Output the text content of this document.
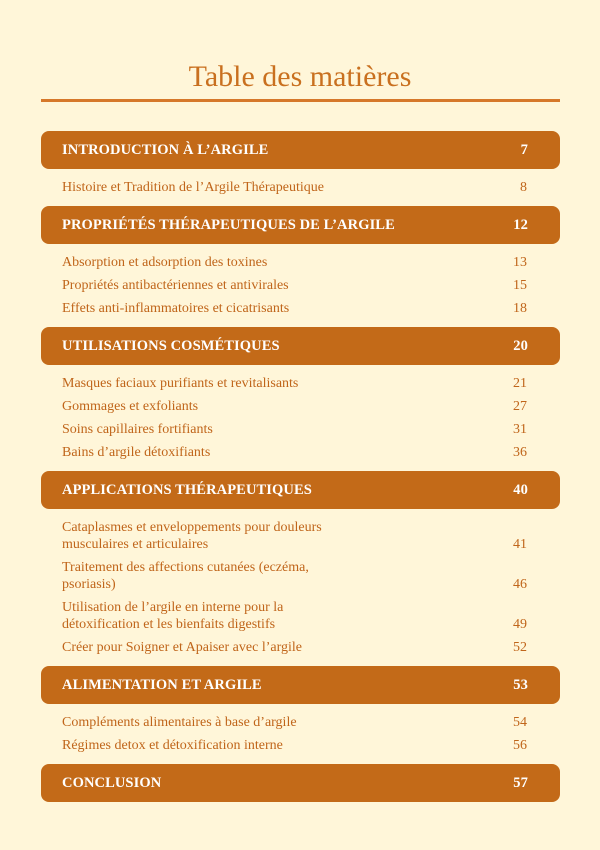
Table des matières
INTRODUCTION À L’ARGILE	7
Histoire et Tradition de l’Argile Thérapeutique	8
PROPRIÉTÉS THÉRAPEUTIQUES DE L’ARGILE	12
Absorption et adsorption des toxines	13
Propriétés antibactériennes et antivirales	15
Effets anti-inflammatoires et cicatrisants	18
UTILISATIONS COSMÉTIQUES	20
Masques faciaux purifiants et revitalisants	21
Gommages et exfoliants	27
Soins capillaires fortifiants	31
Bains d’argile détoxifiants	36
APPLICATIONS THÉRAPEUTIQUES	40
Cataplasmes et enveloppements pour douleurs musculaires et articulaires	41
Traitement des affections cutanées (eczéma, psoriasis)	46
Utilisation de l’argile en interne pour la détoxification et les bienfaits digestifs	49
Créer pour Soigner et Apaiser avec l’argile	52
ALIMENTATION ET ARGILE	53
Compléments alimentaires à base d’argile	54
Régimes detox et détoxification interne	56
CONCLUSION	57
